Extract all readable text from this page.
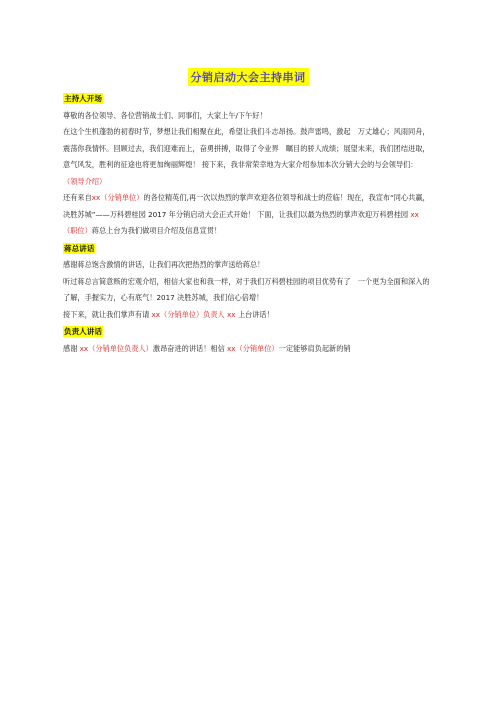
分销启动大会主持串词
主持人开场

尊敬的各位领导、各位营销战士们、同事们，大家上午/下午好！

在这个生机蓬勃的初春时节，梦想让我们相聚在此，希望让我们斗志昂扬。鼓声雷鸣，激起　万丈雄心；风雨同舟，震荡你我情怀。回顾过去，我们迎难而上，奋勇拼搏，取得了令业界　瞩目的骄人成绩；展望未来，我们团结进取，意气风发，胜利的征途也将更加绚丽辉煌！ 接下来，我非常荣幸地为大家介绍参加本次分销大会的与会领导们：

（领导介绍）

还有来自xx（分销单位）的各位精英们,再一次以热烈的掌声欢迎各位领导和战士的莅临！现在，我宣布“同心共赢，决胜苏城”——万科碧桂园 2017 年分销启动大会正式开始！ 下面，让我们以最为热烈的掌声欢迎万科碧桂园 xx（职位）蒋总上台为我们做项目介绍及信息宣贯！

蒋总讲话

感谢蒋总饱含激情的讲话，让我们再次把热烈的掌声送给蒋总！

听过蒋总言简意赅的宏观介绍，相信大家也和我一样，对于我们万科碧桂园的项目优势有了　一个更为全面和深入的了解，手握实力，心有底气！2017 决胜苏城，我们信心倍增！

接下来，就让我们掌声有请 xx（分销单位）负责人 xx 上台讲话！

负责人讲话

感谢 xx（分销单位负责人）激昂奋进的讲话！相信 xx（分销单位）一定能够肩负起新的销
